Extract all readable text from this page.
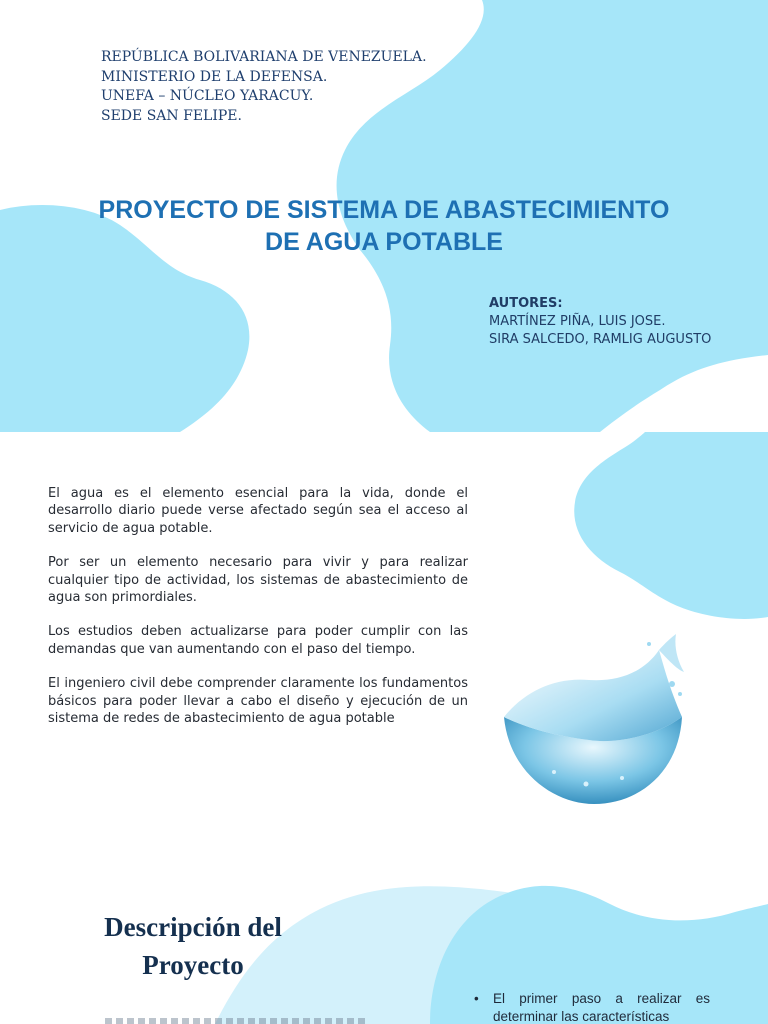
REPÚBLICA BOLIVARIANA DE VENEZUELA.
MINISTERIO DE LA DEFENSA.
UNEFA – NÚCLEO YARACUY.
SEDE SAN FELIPE.
PROYECTO DE SISTEMA DE ABASTECIMIENTO
DE AGUA POTABLE
AUTORES:
MARTÍNEZ PIÑA, LUIS JOSE.
SIRA SALCEDO, RAMLIG AUGUSTO

El agua es el elemento esencial para la vida, donde el desarrollo diario puede verse afectado según sea el acceso al servicio de agua potable.

Por ser un elemento necesario para vivir y para realizar cualquier tipo de actividad, los sistemas de abastecimiento de agua son primordiales.

Los estudios deben actualizarse para poder cumplir con las demandas que van aumentando con el paso del tiempo.

El ingeniero civil debe comprender claramente los fundamentos básicos para poder llevar a cabo el diseño y ejecución de un sistema de redes de abastecimiento de agua potable

Descripción del
Proyecto
• El primer paso a realizar es determinar las características
